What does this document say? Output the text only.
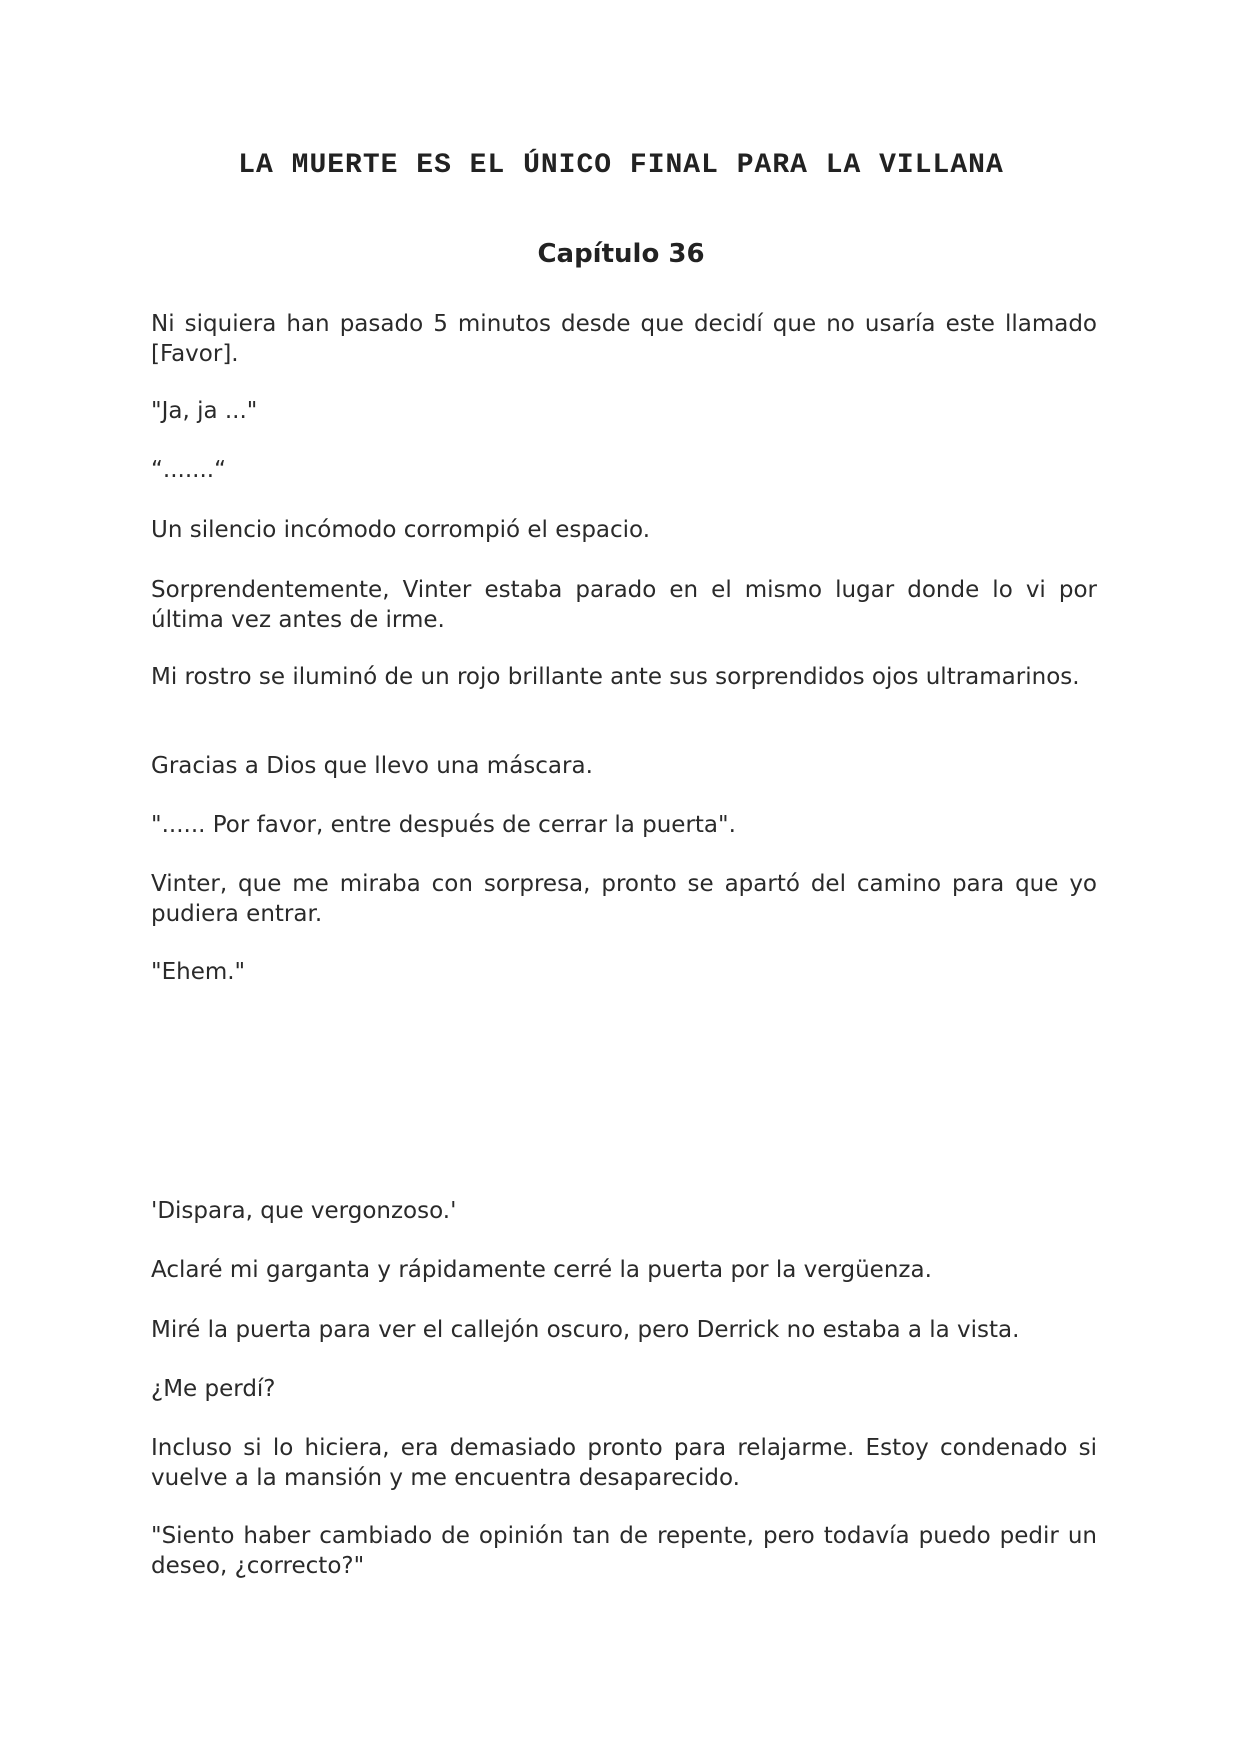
LA MUERTE ES EL ÚNICO FINAL PARA LA VILLANA
Capítulo 36

Ni siquiera han pasado 5 minutos desde que decidí que no usaría este llamado [Favor].

"Ja, ja ..."

“.......“

Un silencio incómodo corrompió el espacio.

Sorprendentemente, Vinter estaba parado en el mismo lugar donde lo vi por última vez antes de irme.

Mi rostro se iluminó de un rojo brillante ante sus sorprendidos ojos ultramarinos.

Gracias a Dios que llevo una máscara.

"...... Por favor, entre después de cerrar la puerta".

Vinter, que me miraba con sorpresa, pronto se apartó del camino para que yo pudiera entrar.

"Ehem."

'Dispara, que vergonzoso.'

Aclaré mi garganta y rápidamente cerré la puerta por la vergüenza.

Miré la puerta para ver el callejón oscuro, pero Derrick no estaba a la vista.

¿Me perdí?

Incluso si lo hiciera, era demasiado pronto para relajarme. Estoy condenado si vuelve a la mansión y me encuentra desaparecido.

"Siento haber cambiado de opinión tan de repente, pero todavía puedo pedir un deseo, ¿correcto?"
